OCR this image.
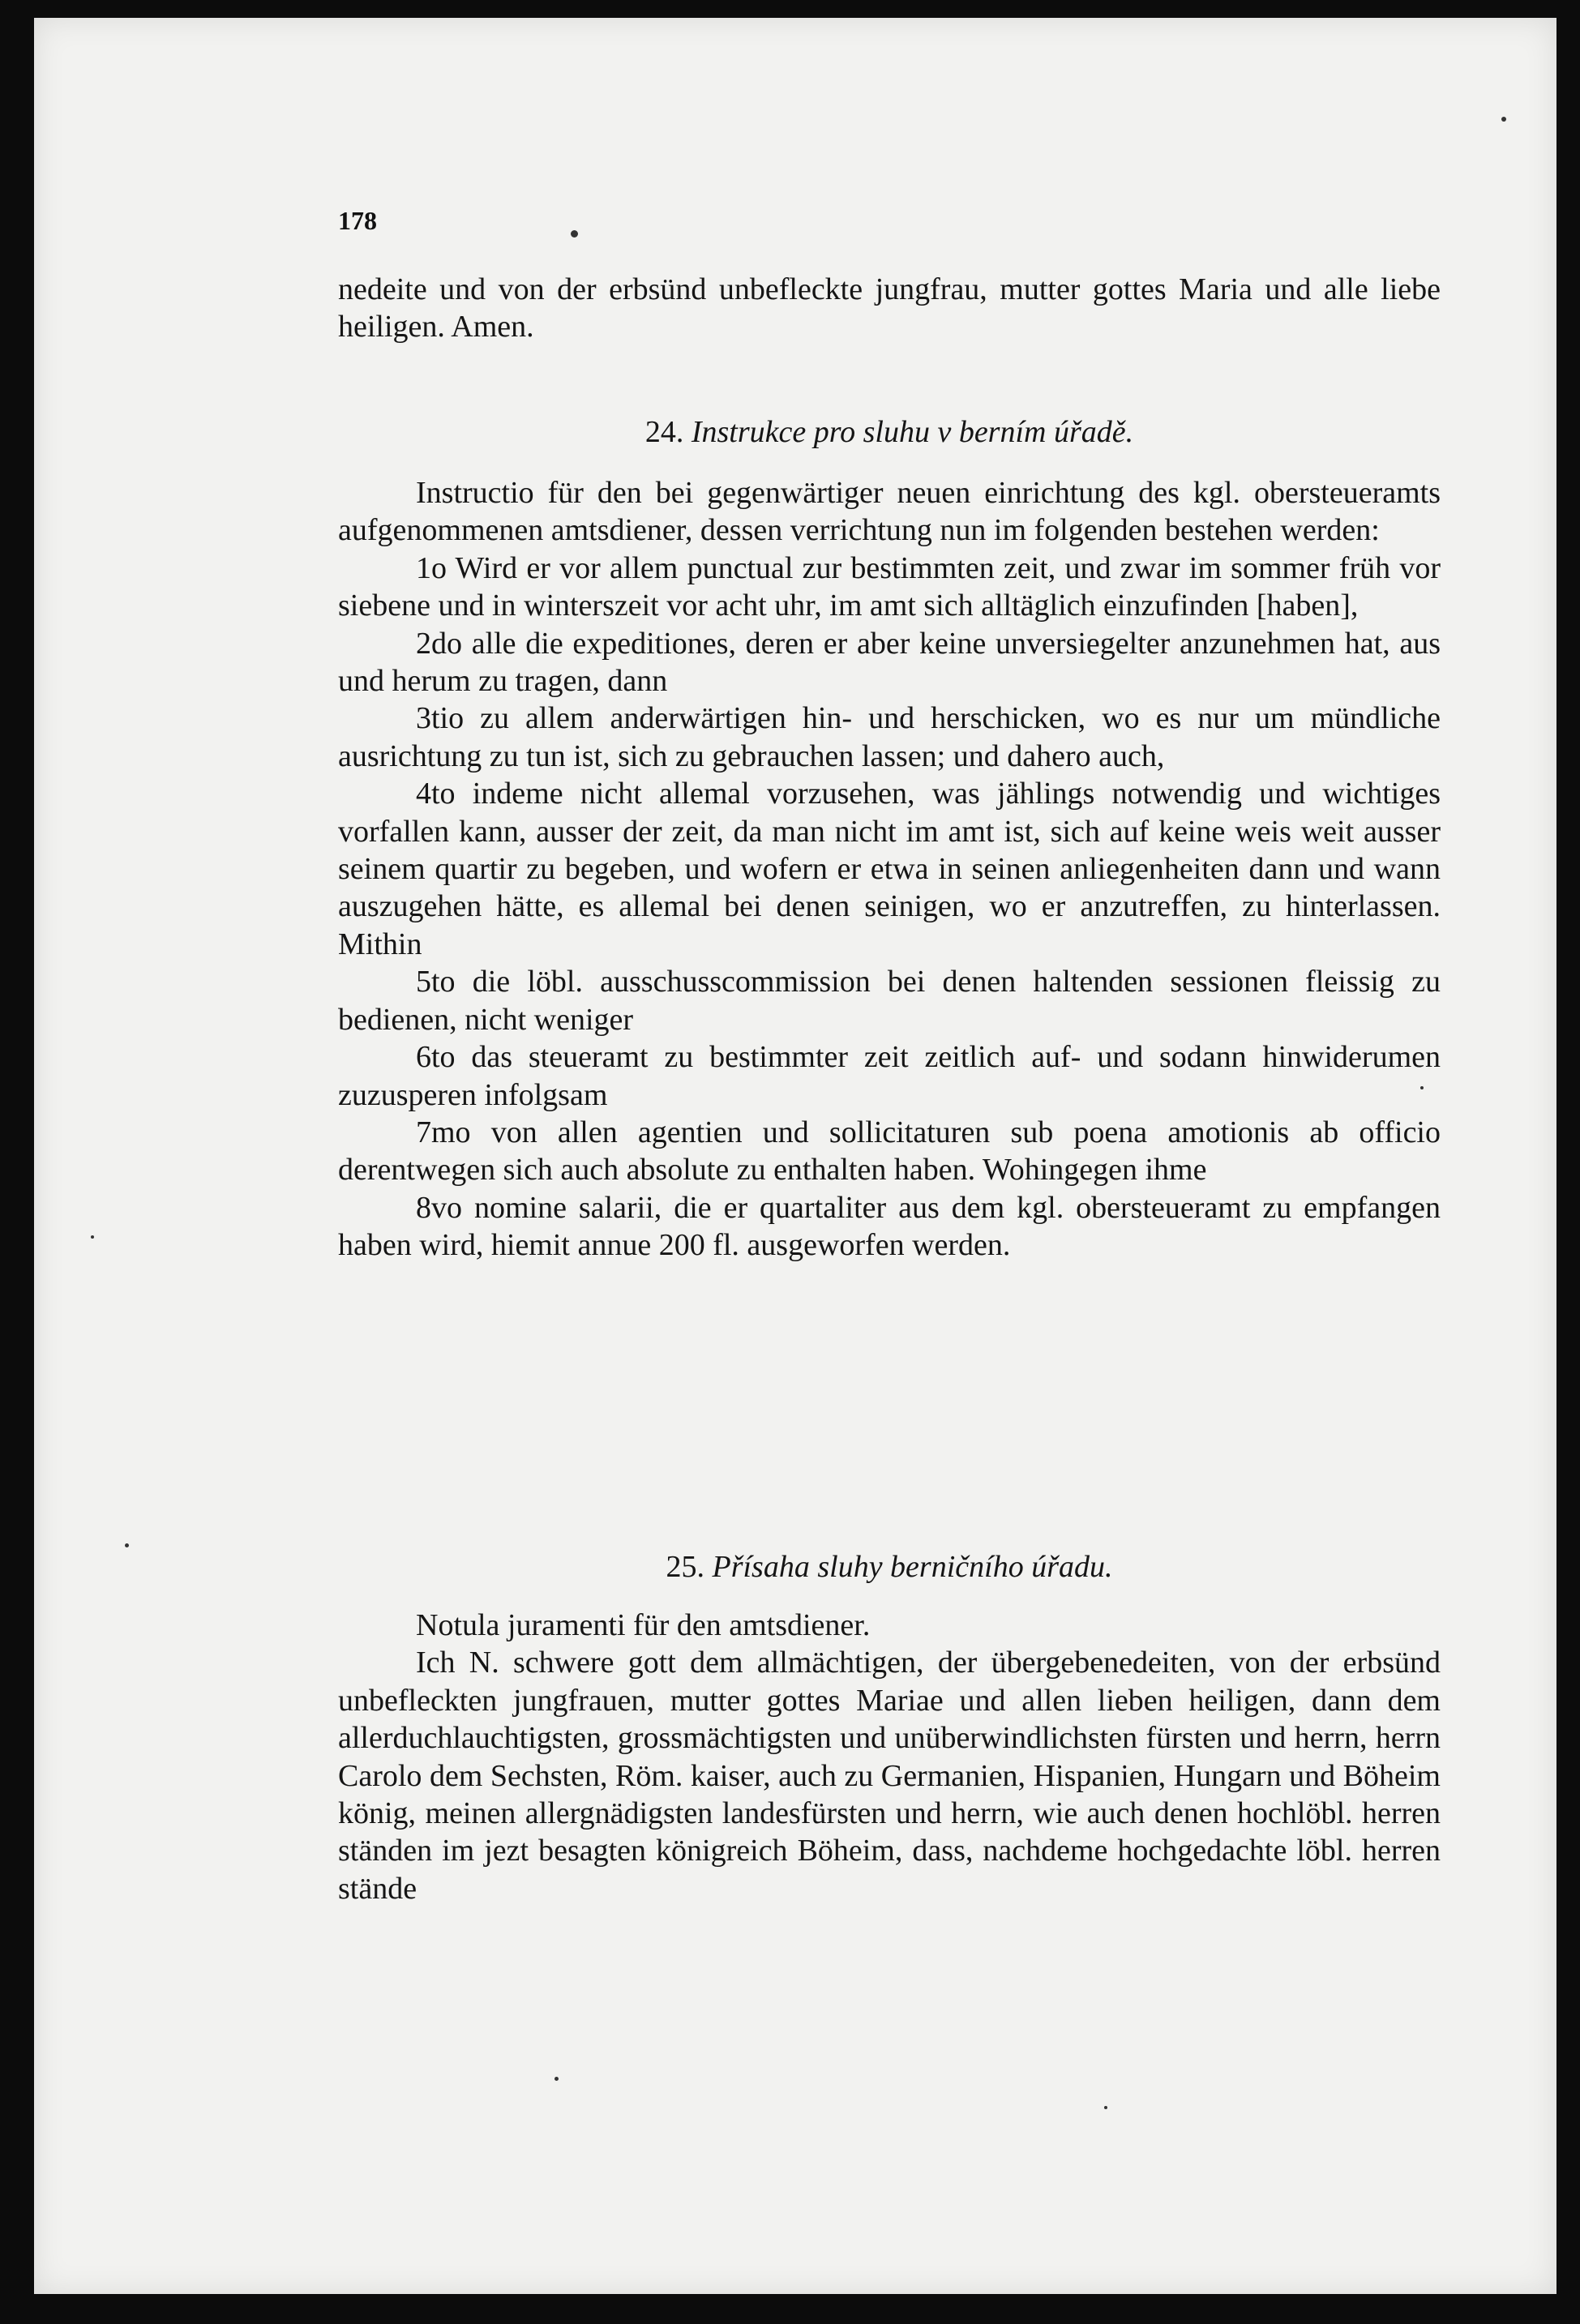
178

nedeite und von der erbsünd unbefleckte jungfrau, mutter gottes Maria und alle liebe heiligen. Amen.

24. Instrukce pro sluhu v berním úřadě.

Instructio für den bei gegenwärtiger neuen einrichtung des kgl. obersteueramts aufgenommenen amtsdiener, dessen verrichtung nun im folgenden bestehen werden:

1o Wird er vor allem punctual zur bestimmten zeit, und zwar im sommer früh vor siebene und in winterszeit vor acht uhr, im amt sich alltäglich einzufinden [haben],

2do alle die expeditiones, deren er aber keine unversiegelter anzunehmen hat, aus und herum zu tragen, dann

3tio zu allem anderwärtigen hin- und herschicken, wo es nur um mündliche ausrichtung zu tun ist, sich zu gebrauchen lassen; und dahero auch,

4to indeme nicht allemal vorzusehen, was jählings notwendig und wichtiges vorfallen kann, ausser der zeit, da man nicht im amt ist, sich auf keine weis weit ausser seinem quartir zu begeben, und wofern er etwa in seinen anliegenheiten dann und wann auszugehen hätte, es allemal bei denen seinigen, wo er anzutreffen, zu hinterlassen. Mithin

5to die löbl. ausschusscommission bei denen haltenden sessionen fleissig zu bedienen, nicht weniger

6to das steueramt zu bestimmter zeit zeitlich auf- und sodann hinwiderumen zuzusperen infolgsam

7mo von allen agentien und sollicitaturen sub poena amotionis ab officio derentwegen sich auch absolute zu enthalten haben. Wohingegen ihme

8vo nomine salarii, die er quartaliter aus dem kgl. obersteueramt zu empfangen haben wird, hiemit annue 200 fl. ausgeworfen werden.

25. Přísaha sluhy berničního úřadu.

Notula juramenti für den amtsdiener.

Ich N. schwere gott dem allmächtigen, der übergebenedeiten, von der erbsünd unbefleckten jungfrauen, mutter gottes Mariae und allen lieben heiligen, dann dem allerduchlauchtigsten, grossmächtigsten und unüberwindlichsten fürsten und herrn, herrn Carolo dem Sechsten, Röm. kaiser, auch zu Germanien, Hispanien, Hungarn und Böheim könig, meinen allergnädigsten landesfürsten und herrn, wie auch denen hochlöbl. herren ständen im jezt besagten königreich Böheim, dass, nachdeme hochgedachte löbl. herren stände
